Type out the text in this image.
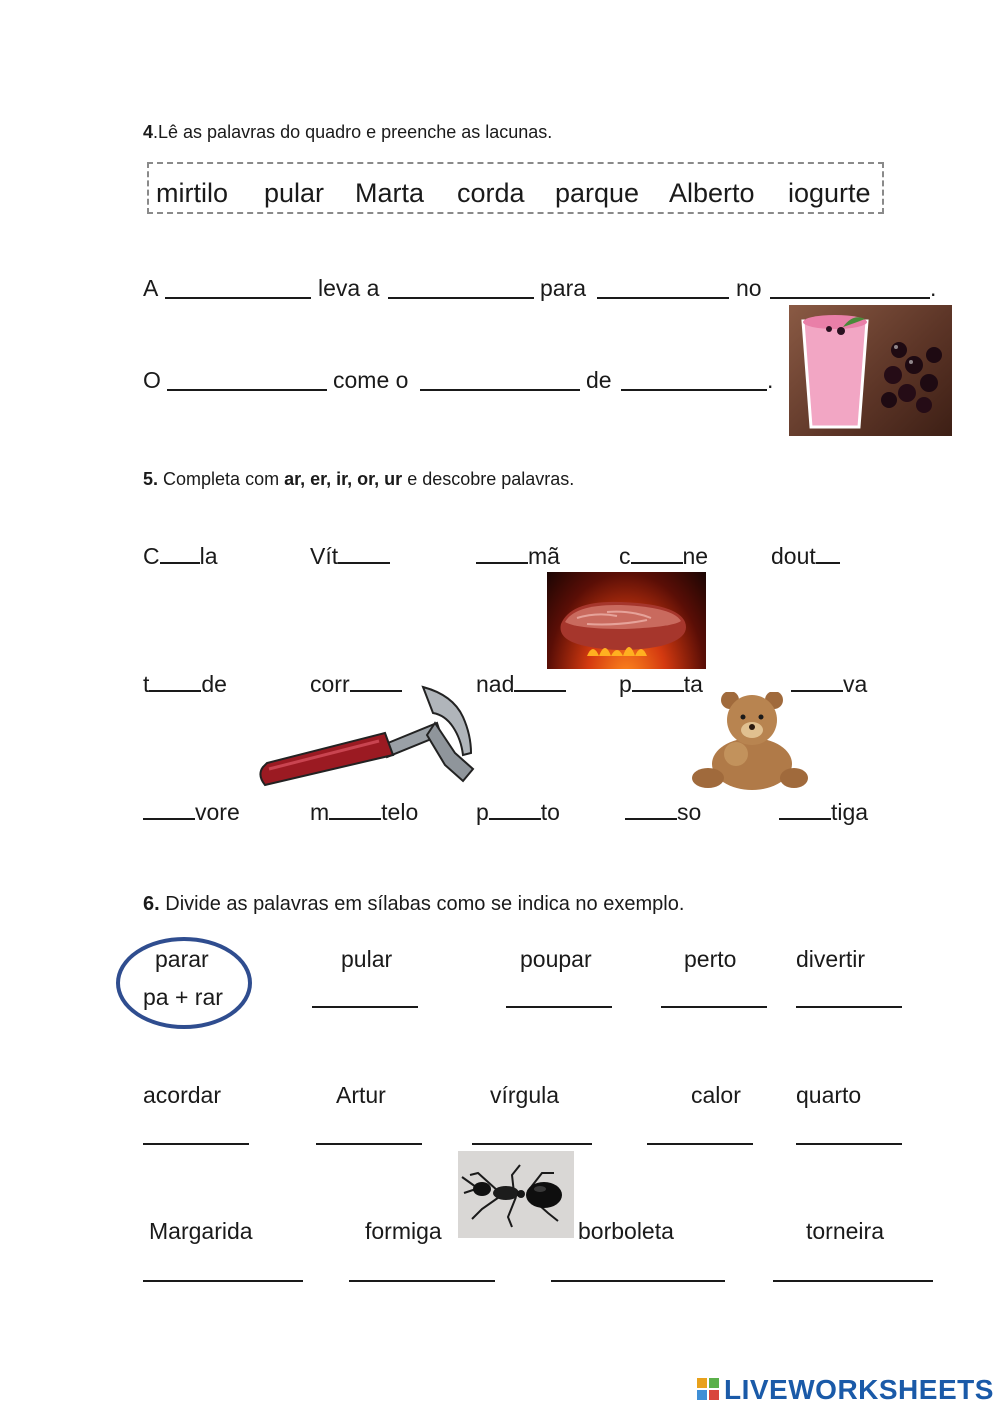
4.Lê as palavras do quadro e preenche as lacunas.
mirtilo pular Marta corda parque Alberto iogurte
A	leva a	para	no	.
O	come o	de	.
5. Completa com ar, er, ir, or, ur e descobre palavras.
C la	Vít	mã	c ne	dout
t de	corr	nad	p ta	va
vore	m telo	p to	so	tiga
6. Divide as palavras em sílabas como se indica no exemplo.
parar
pa + rar
pular	poupar	perto	divertir
acordar	Artur	vírgula	calor quarto
Margarida	formiga	borboleta	torneira
LIVEWORKSHEETS
